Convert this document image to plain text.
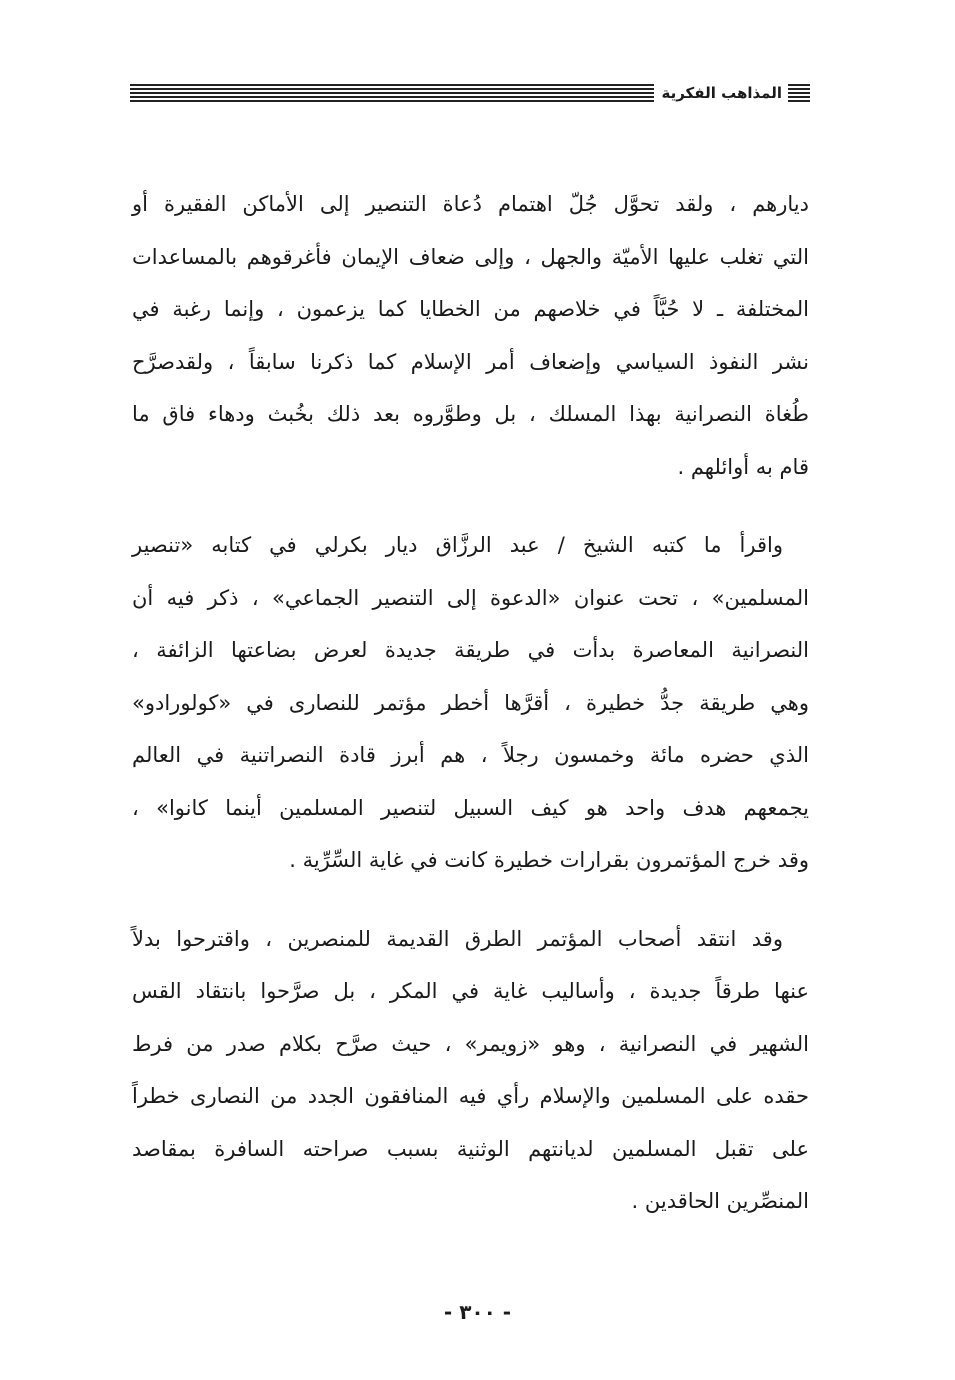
المذاهب الفكرية

ديارهم ، ولقد تحوَّل جُلّ اهتمام دُعاة التنصير إلى الأماكن الفقيرة أو
التي تغلب عليها الأميّة والجهل ، وإلى ضعاف الإيمان فأغرقوهم بالمساعدات
المختلفة ـ لا حُبَّاً في خلاصهم من الخطايا كما يزعمون ، وإنما رغبة في
نشر النفوذ السياسي وإضعاف أمر الإسلام كما ذكرنا سابقاً ، ولقدصرَّح
طُغاة النصرانية بهذا المسلك ، بل وطوَّروه بعد ذلك بخُبث ودهاء فاق ما
قام به أوائلهم .

واقرأ ما كتبه الشيخ / عبد الرزَّاق ديار بكرلي في كتابه «تنصير
المسلمين» ، تحت عنوان «الدعوة إلى التنصير الجماعي» ، ذكر فيه أن
النصرانية المعاصرة بدأت في طريقة جديدة لعرض بضاعتها الزائفة ،
وهي طريقة جدُّ خطيرة ، أقرَّها أخطر مؤتمر للنصارى في «كولورادو»
الذي حضره مائة وخمسون رجلاً ، هم أبرز قادة النصراتنية في العالم
يجمعهم هدف واحد هو كيف السبيل لتنصير المسلمين أينما كانوا» ،
وقد خرج المؤتمرون بقرارات خطيرة كانت في غاية السِّرِّية .

وقد انتقد أصحاب المؤتمر الطرق القديمة للمنصرين ، واقترحوا بدلاً
عنها طرقاً جديدة ، وأساليب غاية في المكر ، بل صرَّحوا بانتقاد القس
الشهير في النصرانية ، وهو «زويمر» ، حيث صرَّح بكلام صدر من فرط
حقده على المسلمين والإسلام رأي فيه المنافقون الجدد من النصارى خطراً
على تقبل المسلمين لديانتهم الوثنية بسبب صراحته السافرة بمقاصد
المنصِّرين الحاقدين .

- ٣٠٠ -
